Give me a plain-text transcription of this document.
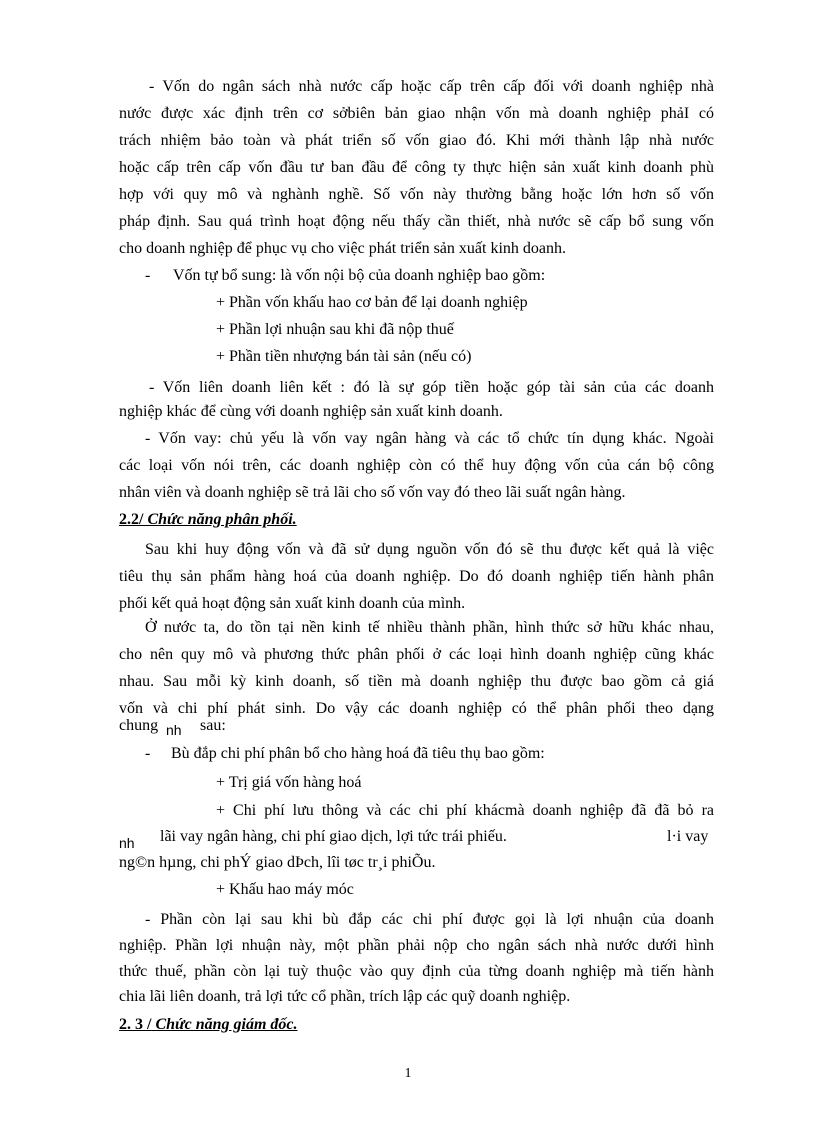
- Vốn do ngân sách nhà nước cấp hoặc cấp trên cấp đối với doanh nghiệp nhà

nước được xác định trên cơ sởbiên bản giao nhận vốn mà doanh nghiệp phảI có

trách nhiệm bảo toàn và phát triển số vốn giao đó. Khi mới thành lập nhà nước

hoặc cấp trên cấp vốn đầu tư ban đầu để công ty thực hiện sản xuất kinh doanh phù

hợp với quy mô và nghành nghề. Số vốn này thường bằng hoặc lớn hơn số vốn

pháp định. Sau quá trình hoạt động nếu thấy cần thiết, nhà nước sẽ cấp bổ sung vốn

cho doanh nghiệp để phục vụ cho việc phát triển sản xuất kinh doanh.

- Vốn tự bổ sung: là vốn nội bộ của doanh nghiệp bao gồm:

+ Phần vốn khấu hao cơ bản để lại doanh nghiệp

+ Phần lợi nhuận sau khi đã nộp thuế

+ Phần tiền nhượng bán tài sản (nếu có)

- Vốn liên doanh liên kết : đó là sự góp tiền hoặc góp tài sản của các doanh

nghiệp khác để cùng với doanh nghiệp sản xuất kinh doanh.

- Vốn vay: chủ yếu là vốn vay ngân hàng và các tổ chức tín dụng khác. Ngoài

các loại vốn nói trên, các doanh nghiệp còn có thể huy động vốn của cán bộ công

nhân viên và doanh nghiệp sẽ trả lãi cho số vốn vay đó theo lãi suất ngân hàng.

2.2/ Chức năng phân phối.

Sau khi huy động vốn và đã sử dụng nguồn vốn đó sẽ thu được kết quả là việc

tiêu thụ sản phẩm hàng hoá của doanh nghiệp. Do đó doanh nghiệp tiến hành phân

phối kết quả hoạt động sản xuất kinh doanh của mình.

Ở nước ta, do tồn tại nền kinh tế nhiều thành phần, hình thức sở hữu khác nhau,

cho nên quy mô và phương thức phân phối ở các loại hình doanh nghiệp cũng khác

nhau. Sau mỗi kỳ kinh doanh, số tiền mà doanh nghiệp thu được bao gồm cả giá

vốn và chi phí phát sinh. Do vậy các doanh nghiệp có thể phân phối theo dạng

chung nh sau:

- Bù đắp chi phí phân bổ cho hàng hoá đã tiêu thụ bao gồm:

+ Trị giá vốn hàng hoá

+ Chi phí lưu thông và các chi phí khácmà doanh nghiệp đã đã bỏ ra

nh lãi vay ngân hàng, chi phí giao dịch, lợi tức trái phiếu.	l·i vay

ng©n hµng, chi phÝ giao dÞch, lîi tøc tr¸i phiÕu.

+ Khấu hao máy móc

- Phần còn lại sau khi bù đắp các chi phí được gọi là lợi nhuận của doanh

nghiệp. Phần lợi nhuận này, một phần phải nộp cho ngân sách nhà nước dưới hình

thức thuế, phần còn lại tuỳ thuộc vào quy định của từng doanh nghiệp mà tiến hành

chia lãi liên doanh, trả lợi tức cổ phần, trích lập các quỹ doanh nghiệp.

2. 3 / Chức năng giám đốc.

1
